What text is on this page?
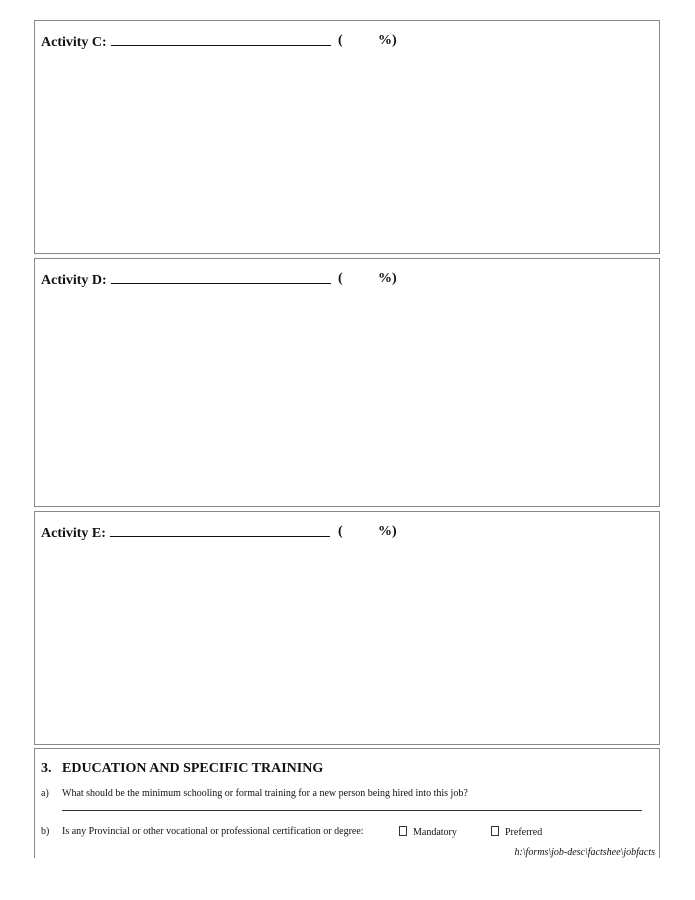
Activity C:	(	%)
Activity D:	(	%)
Activity E:	(	%)
3.   EDUCATION AND SPECIFIC TRAINING
a) What should be the minimum schooling or formal training for a new person being hired into this job?
b) Is any Provincial or other vocational or professional certification or degree:	Mandatory	Preferred
h:\forms\job-desc\factshee\jobfacts
